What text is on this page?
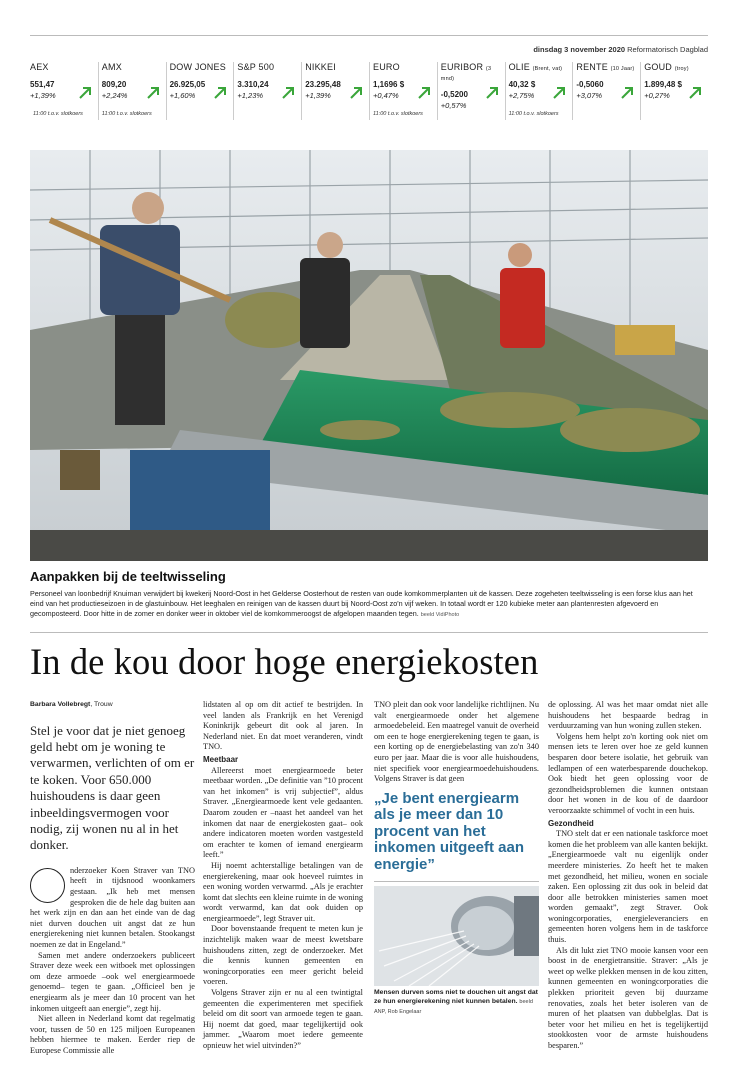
dinsdag 3 november 2020 Reformatorisch Dagblad
AEX
551,47
+1,39%
11:00 t.o.v. slotkoers
AMX
809,20
+2,24%
11:00 t.o.v. slotkoers
DOW JONES
26.925,05
+1,60%
S&P 500
3.310,24
+1,23%
NIKKEI
23.295,48
+1,39%
EURO
1,1696 $
+0,47%
11:00 t.o.v. slotkoers
EURIBOR (3 mnd)
-0,5200
+0,57%
OLIE (Brent, vat)
40,32 $
+2,75%
11:00 t.o.v. slotkoers
RENTE (10 Jaar)
-0,5060
+3,07%
GOUD (troy)
1.899,48 $
+0,27%
Aanpakken bij de teeltwisseling
Personeel van loonbedrijf Knuiman verwijdert bij kwekerij Noord-Oost in het Gelderse Oosterhout de resten van oude komkommerplanten uit de kassen. Deze zogeheten teeltwisseling is een forse klus aan het eind van het productieseizoen in de glastuinbouw. Het leeghalen en reinigen van de kassen duurt bij Noord-Oost zo'n vijf weken. In totaal wordt er 120 kubieke meter aan plantenresten afgevoerd en gecomposteerd. Door hitte in de zomer en donker weer in oktober viel de komkommeroogst de afgelopen maanden tegen. beeld VidiPhoto
In de kou door hoge energiekosten
Barbara Vollebregt, Trouw
Stel je voor dat je niet genoeg geld hebt om je woning te verwarmen, verlichten of om er te koken. Voor 650.000 huishoudens is daar geen inbeeldingsvermogen voor nodig, zij wonen nu al in het donker.

nderzoeker Koen Straver van TNO heeft in tijdsnood woonkamers gestaan. „Ik heb met mensen gesproken die de hele dag buiten aan het werk zijn en dan aan het einde van de dag niet durven douchen uit angst dat ze hun energierekening niet kunnen betalen. Stookangst noemen ze dat in Engeland.”

Samen met andere onderzoekers publiceert Straver deze week een witboek met oplossingen om deze armoede –ook wel energiearmoede genoemd– tegen te gaan. „Officieel ben je energiearm als je meer dan 10 procent van het inkomen uitgeeft aan energie”, zegt hij.

Niet alleen in Nederland komt dat regelmatig voor, tussen de 50 en 125 miljoen Europeanen hebben hiermee te maken. Eerder riep de Europese Commissie alle

lidstaten al op om dit actief te bestrijden. In veel landen als Frankrijk en het Verenigd Koninkrijk gebeurt dit ook al jaren. In Nederland niet. En dat moet veranderen, vindt TNO.

Meetbaar

Allereerst moet energiearmoede beter meetbaar worden. „De definitie van ”10 procent van het inkomen” is vrij subjectief”, aldus Straver. „Energiearmoede kent vele gedaanten. Daarom zouden er –naast het aandeel van het inkomen dat naar de energiekosten gaat– ook andere indicatoren moeten worden vastgesteld om erachter te komen of iemand energiearm leeft.”

Hij noemt achterstallige betalingen van de energierekening, maar ook hoeveel ruimtes in een woning worden verwarmd. „Als je erachter komt dat slechts een kleine ruimte in de woning wordt verwarmd, kan dat ook duiden op energiearmoede”, legt Straver uit.

Door bovenstaande frequent te meten kun je inzichtelijk maken waar de meest kwetsbare huishoudens zitten, zegt de onderzoeker. Met die kennis kunnen gemeenten en woningcorporaties een meer gericht beleid voeren.

Volgens Straver zijn er nu al een twintigtal gemeenten die experimenteren met specifiek beleid om dit soort van armoede tegen te gaan. Hij noemt dat goed, maar tegelijkertijd ook jammer. „Waarom moet iedere gemeente opnieuw het wiel uitvinden?”

TNO pleit dan ook voor landelijke richtlijnen. Nu valt energiearmoede onder het algemene armoedebeleid. Een maatregel vanuit de overheid om een te hoge energierekening tegen te gaan, is een korting op de energiebelasting van zo'n 340 euro per jaar. Maar die is voor alle huishoudens, niet specifiek voor energiearmoedehuishoudens. Volgens Straver is dat geen

„Je bent energiearm als je meer dan 10 procent van het inkomen uitgeeft aan energie”
Mensen durven soms niet te douchen uit angst dat ze hun energierekening niet kunnen betalen. beeld ANP, Rob Engelaar

de oplossing. Al was het maar omdat niet alle huishoudens het bespaarde bedrag in verduurzaming van hun woning zullen steken.

Volgens hem helpt zo'n korting ook niet om mensen iets te leren over hoe ze geld kunnen besparen door betere isolatie, het gebruik van ledlampen of een waterbesparende douchekop. Ook biedt het geen oplossing voor de gezondheidsproblemen die kunnen ontstaan door het wonen in de kou of de daardoor veroorzaakte schimmel of vocht in een huis.

Gezondheid

TNO stelt dat er een nationale taskforce moet komen die het probleem van alle kanten bekijkt. „Energiearmoede valt nu eigenlijk onder meerdere ministeries. Zo heeft het te maken met gezondheid, het milieu, wonen en sociale zaken. Een oplossing zit dus ook in beleid dat door alle betrokken ministeries samen moet worden gemaakt”, zegt Straver. Ook woningcorporaties, energieleveranciers en gemeenten horen volgens hem in de taskforce thuis.

Als dit lukt ziet TNO mooie kansen voor een boost in de energietransitie. Straver: „Als je weet op welke plekken mensen in de kou zitten, kunnen gemeenten en woningcorporaties die plekken prioriteit geven bij duurzame renovaties, zoals het beter isoleren van de muren of het plaatsen van dubbelglas. Dat is beter voor het milieu en het is tegelijkertijd stookkosten voor de armste huishoudens besparen.”
